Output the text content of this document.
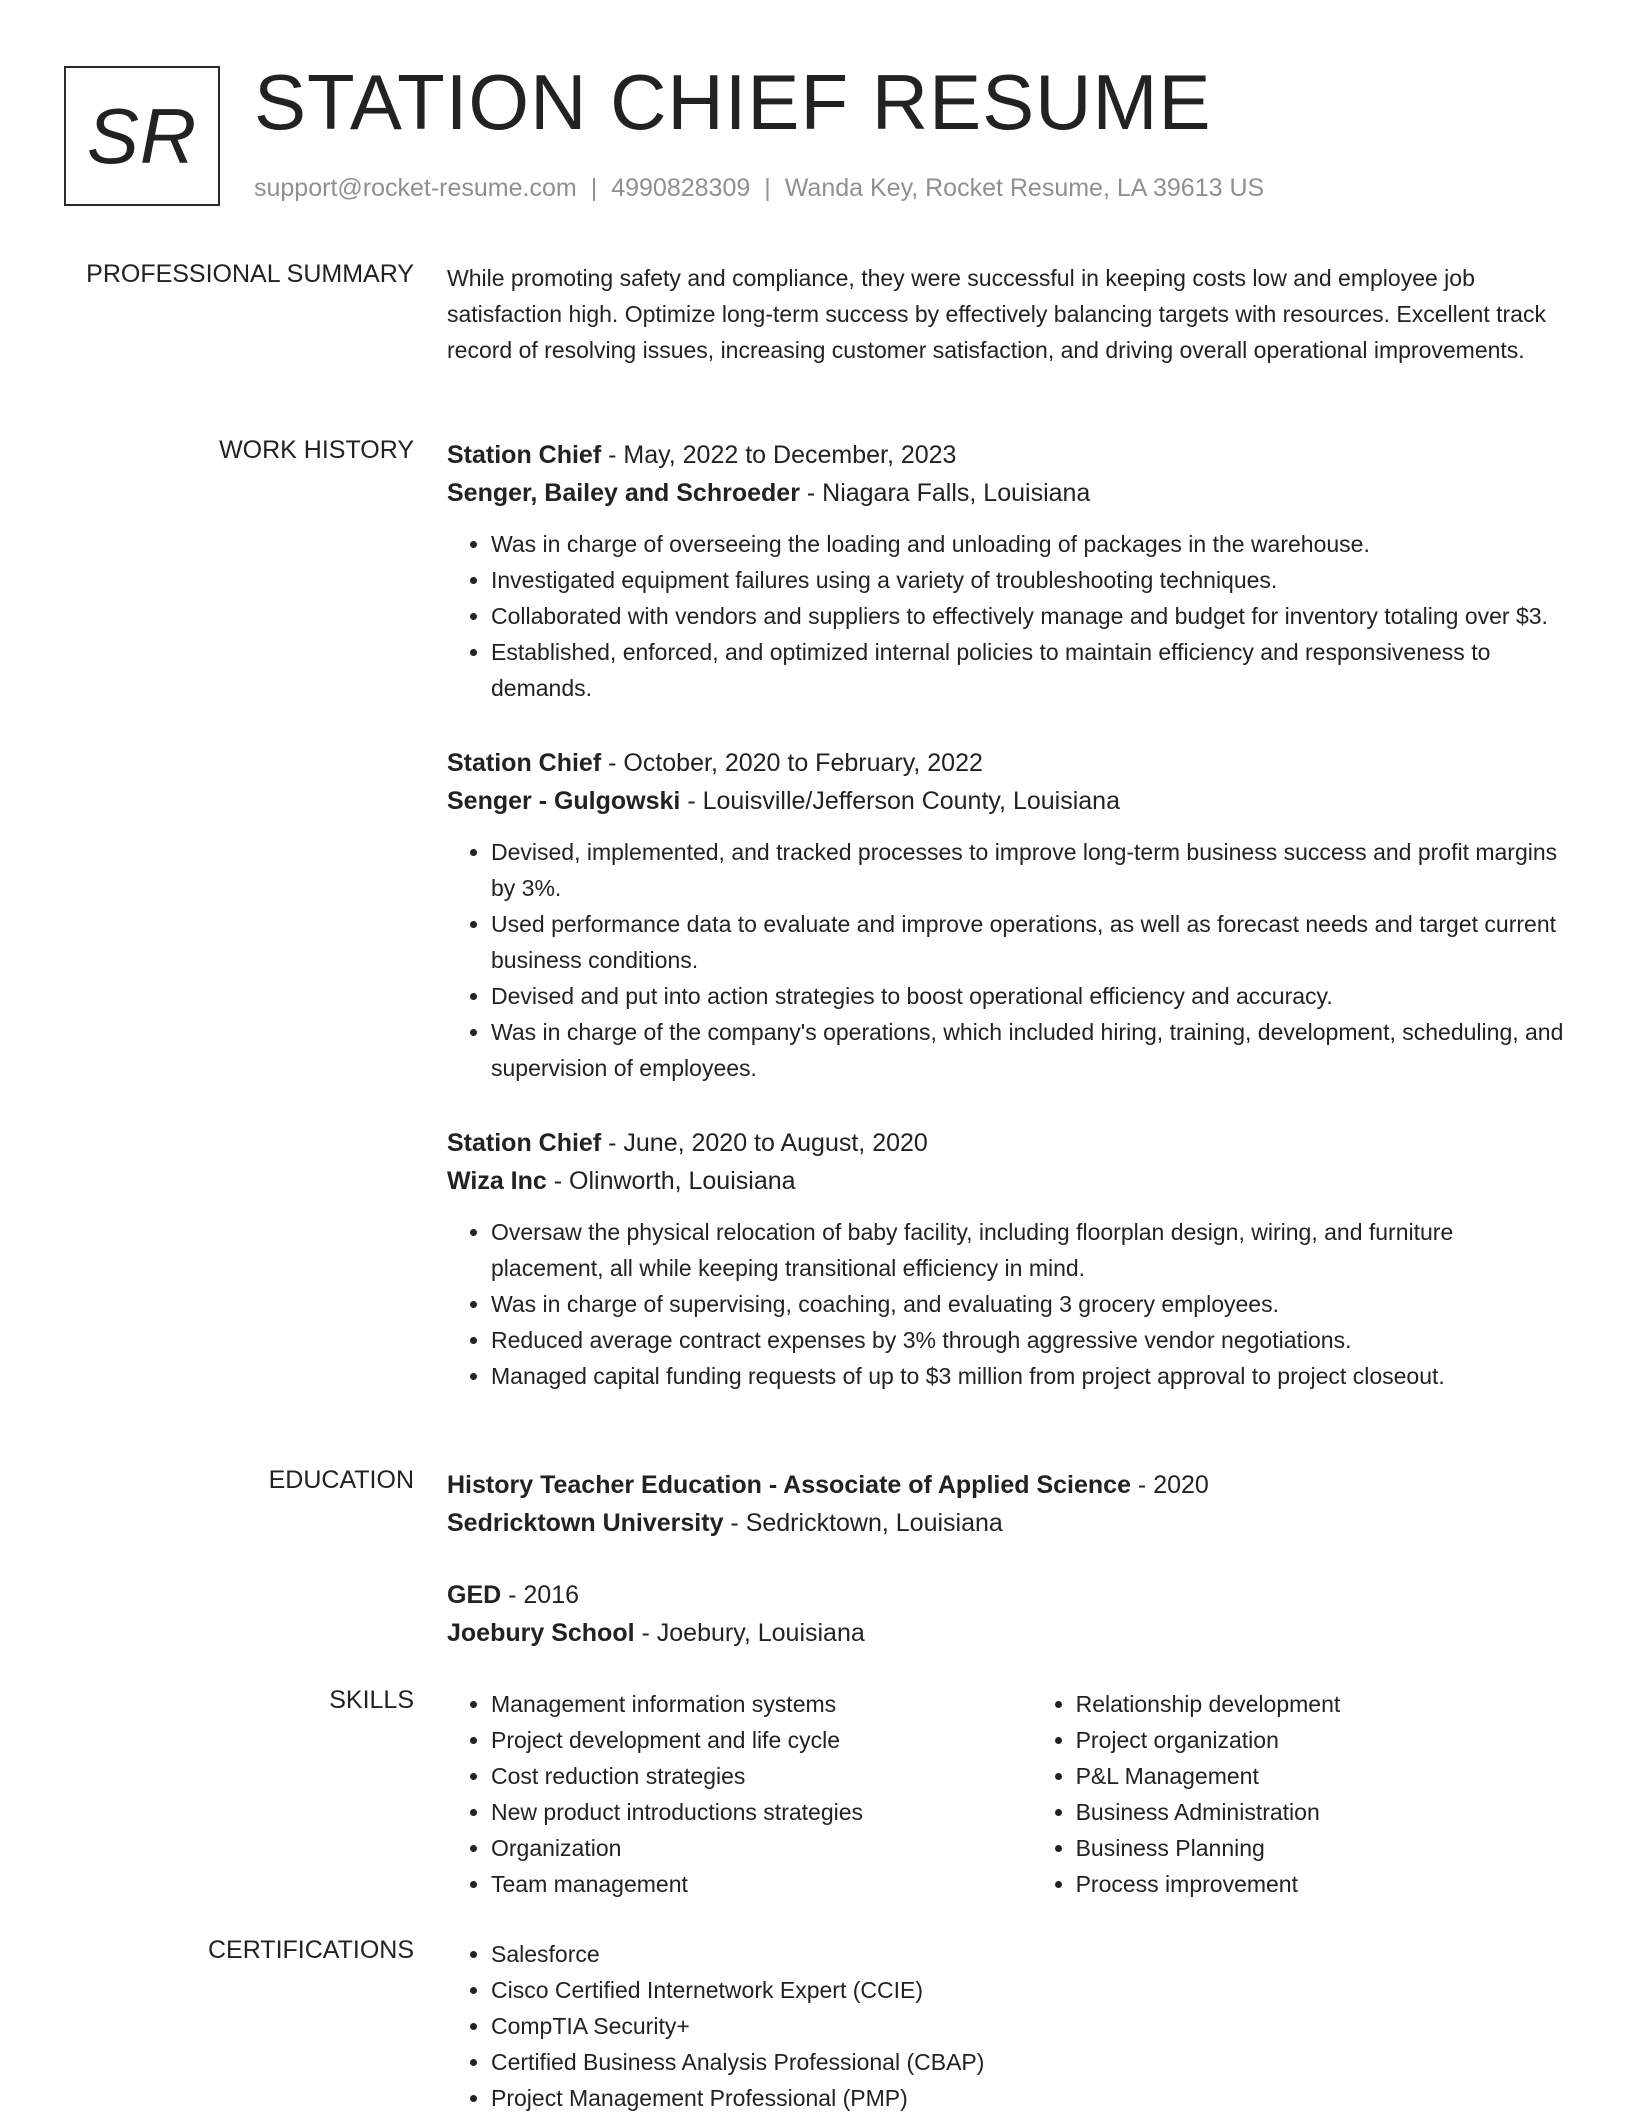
SR STATION CHIEF RESUME
support@rocket-resume.com | 4990828309 | Wanda Key, Rocket Resume, LA 39613 US
PROFESSIONAL SUMMARY While promoting safety and compliance, they were successful in keeping costs low and employee job satisfaction high. Optimize long-term success by effectively balancing targets with resources. Excellent track record of resolving issues, increasing customer satisfaction, and driving overall operational improvements.

WORK HISTORY Station Chief - May, 2022 to December, 2023
Senger, Bailey and Schroeder - Niagara Falls, Louisiana
• Was in charge of overseeing the loading and unloading of packages in the warehouse.
• Investigated equipment failures using a variety of troubleshooting techniques.
• Collaborated with vendors and suppliers to effectively manage and budget for inventory totaling over $3.
• Established, enforced, and optimized internal policies to maintain efficiency and responsiveness to demands.
Station Chief - October, 2020 to February, 2022
Senger - Gulgowski - Louisville/Jefferson County, Louisiana
• Devised, implemented, and tracked processes to improve long-term business success and profit margins by 3%.
• Used performance data to evaluate and improve operations, as well as forecast needs and target current business conditions.
• Devised and put into action strategies to boost operational efficiency and accuracy.
• Was in charge of the company's operations, which included hiring, training, development, scheduling, and supervision of employees.
Station Chief - June, 2020 to August, 2020
Wiza Inc - Olinworth, Louisiana
• Oversaw the physical relocation of baby facility, including floorplan design, wiring, and furniture placement, all while keeping transitional efficiency in mind.
• Was in charge of supervising, coaching, and evaluating 3 grocery employees.
• Reduced average contract expenses by 3% through aggressive vendor negotiations.
• Managed capital funding requests of up to $3 million from project approval to project closeout.
EDUCATION History Teacher Education - Associate of Applied Science - 2020
Sedricktown University - Sedricktown, Louisiana
GED - 2016
Joebury School - Joebury, Louisiana
SKILLS	• Management information systems
• Project development and life cycle
• Cost reduction strategies
• New product introductions strategies
• Organization
• Team management
• Relationship development
• Project organization
• P&L Management
• Business Administration
• Business Planning
• Process improvement
CERTIFICATIONS	• Salesforce
• Cisco Certified Internetwork Expert (CCIE)
• CompTIA Security+
• Certified Business Analysis Professional (CBAP)
• Project Management Professional (PMP)
